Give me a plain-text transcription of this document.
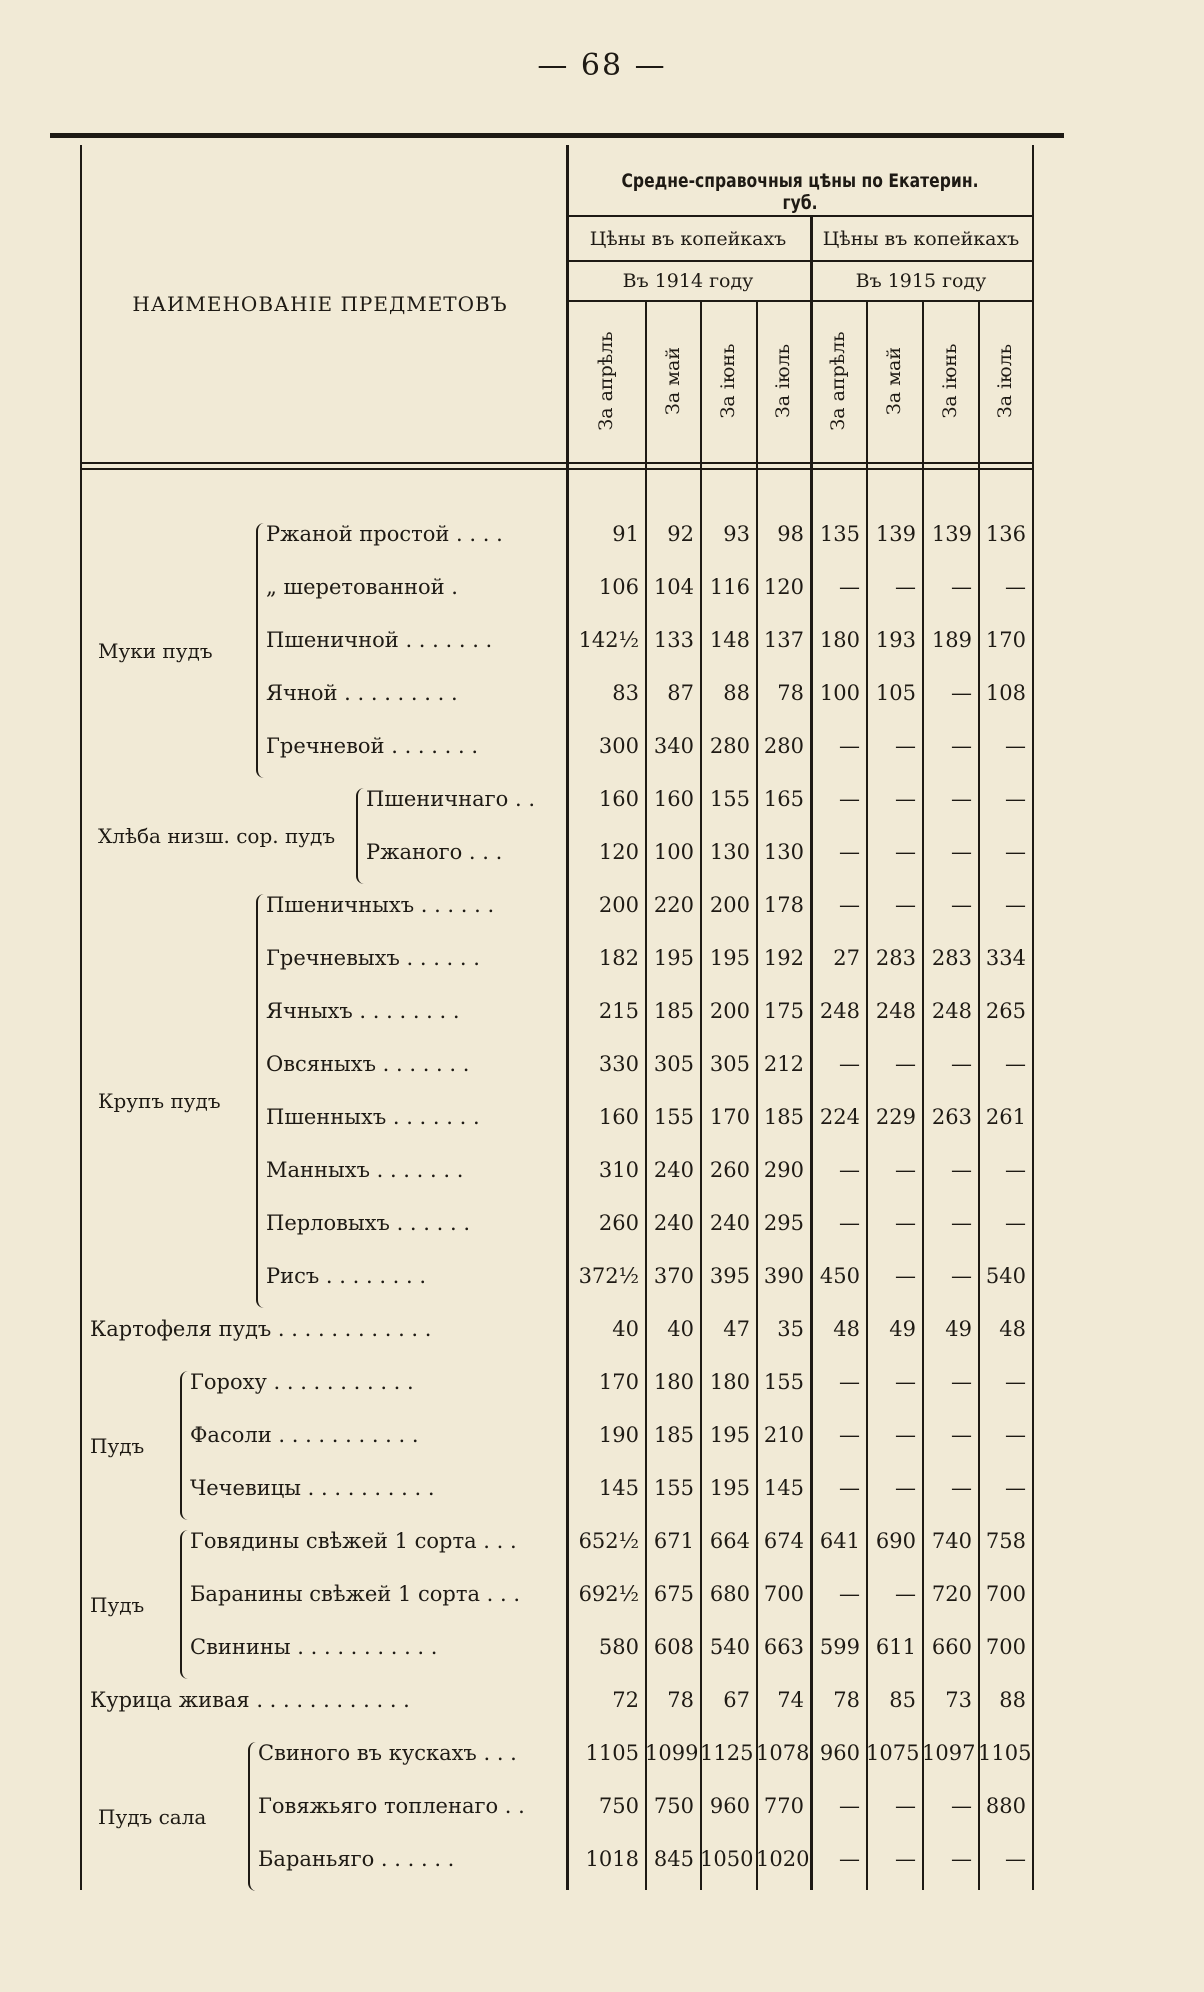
— 68 —
Средне-справочныя цѣны по Екатерин. губ.
НАИМЕНОВАНІЕ ПРЕДМЕТОВЪ
Цѣны въ копейкахъ	Цѣны въ копейкахъ
Въ 1914 году	Въ 1915 году
За апрѣль За май За іюнь За іюль За апрѣль За май За іюнь За іюль
Ржаной простой . . . .	91	92	93	98 135 139 139 136
„ шеретованной .	106 104 116 120	—	—	—	—
Пшеничной . . . . . . .	142½ 133 148 137 180 193 189 170
Ячной . . . . . . . . .	83	87	88	78 100 105	— 108
Гречневой . . . . . . .	300 340 280 280	—	—	—	—
Муки пудъ
Пшеничнаго . .	160 160 155 165	—	—	—	—
Ржаного . . .	120 100 130 130	—	—	—	—
Хлѣба низш. сор. пудъ
Пшеничныхъ . . . . . .	200 220 200 178	—	—	—	—
Гречневыхъ . . . . . .	182 195 195 192	27 283 283 334
Ячныхъ . . . . . . . .	215 185 200 175 248 248 248 265
Овсяныхъ . . . . . . .	330 305 305 212	—	—	—	—
Пшенныхъ . . . . . . .	160 155 170 185 224 229 263 261
Манныхъ . . . . . . .	310 240 260 290	—	—	—	—
Перловыхъ . . . . . .	260 240 240 295	—	—	—	—
Рисъ . . . . . . . .	372½ 370 395 390 450	—	— 540
Крупъ пудъ
Картофеля пудъ . . . . . . . . . . . .	40	40	47	35	48	49	49	48
Гороху . . . . . . . . . . .	170 180 180 155	—	—	—	—
Фасоли . . . . . . . . . . .	190 185 195 210	—	—	—	—
Чечевицы . . . . . . . . . .	145 155 195 145	—	—	—	—
Пудъ
Говядины свѣжей 1 сорта . . .	652½ 671 664 674 641 690 740 758
Баранины свѣжей 1 сорта . . .	692½ 675 680 700	—	— 720 700
Свинины . . . . . . . . . . .	580 608 540 663 599 611 660 700
Пудъ
Курица живая . . . . . . . . . . . .	72	78	67	74	78	85	73	88
Свиного въ кускахъ . . .	1105 1099 1125 1078 960 1075 1097 1105
Говяжьяго топленаго . .	750 750 960 770	—	—	— 880
Бараньяго . . . . . .	1018 845 1050 1020	—	—	—	—
Пудъ сала
